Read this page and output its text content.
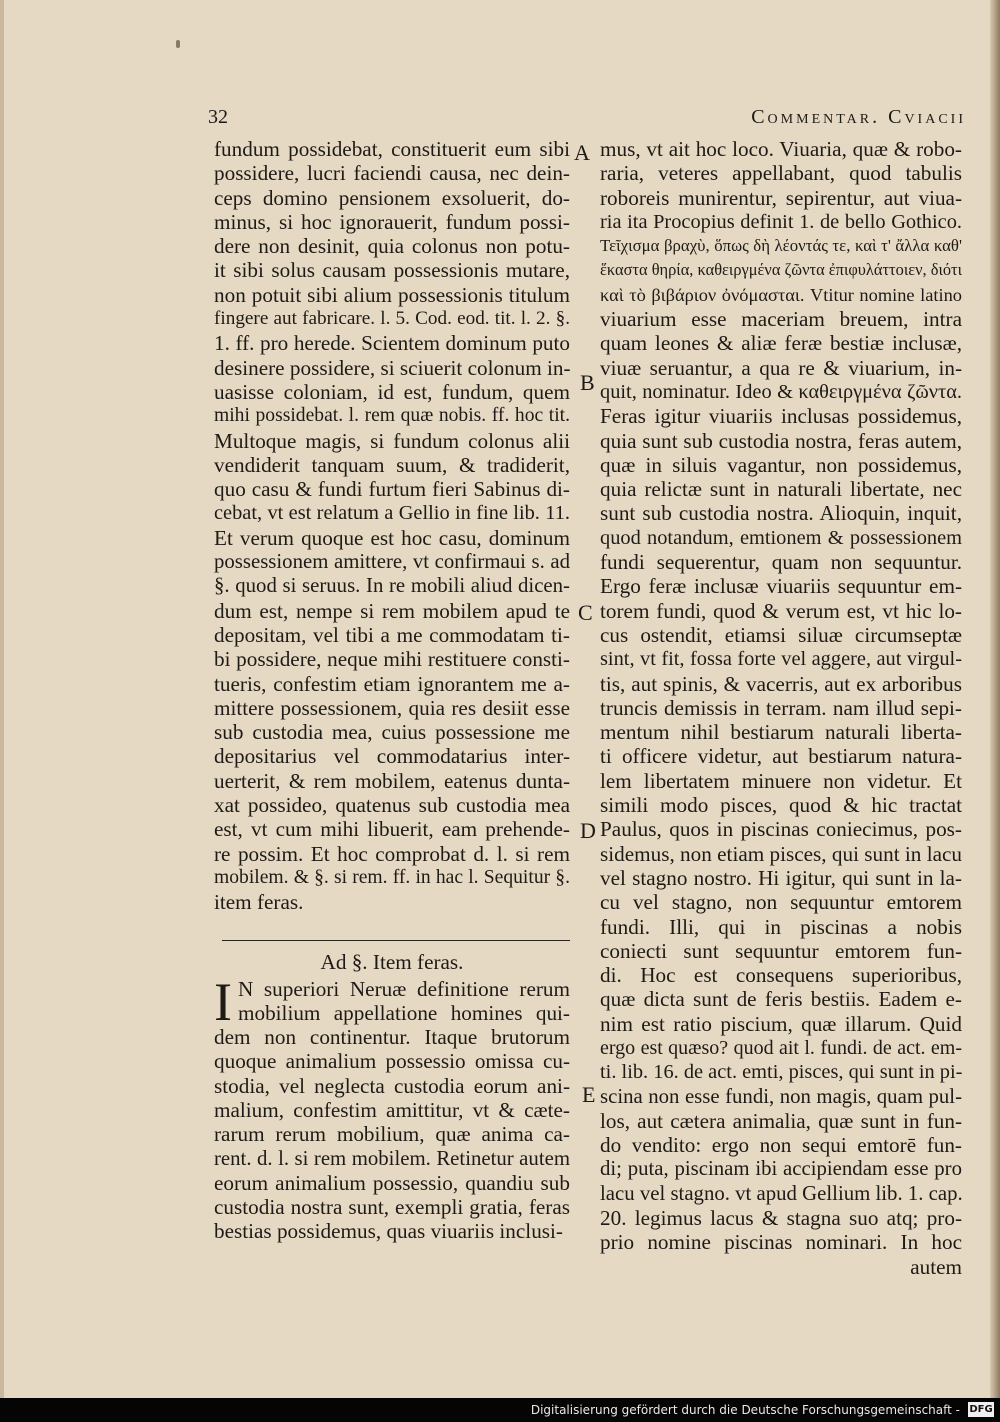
32	Commentar. Cviacii
fundum possidebat, constituerit eum sibi
possidere, lucri faciendi causa, nec dein-
ceps domino pensionem exsoluerit, do-
minus, si hoc ignorauerit, fundum possi-
dere non desinit, quia colonus non potu-
it sibi solus causam possessionis mutare,
non potuit sibi alium possessionis titulum
fingere aut fabricare. l. 5. Cod. eod. tit. l. 2. §.
1. ff. pro herede. Scientem dominum puto
desinere possidere, si sciuerit colonum in-
uasisse coloniam, id est, fundum, quem
mihi possidebat. l. rem quæ nobis. ff. hoc tit.
Multoque magis, si fundum colonus alii
vendiderit tanquam suum, & tradiderit,
quo casu & fundi furtum fieri Sabinus di-
cebat, vt est relatum a Gellio in fine lib. 11.
Et verum quoque est hoc casu, dominum
possessionem amittere, vt confirmaui s. ad
§. quod si seruus. In re mobili aliud dicen-
dum est, nempe si rem mobilem apud te
depositam, vel tibi a me commodatam ti-
bi possidere, neque mihi restituere consti-
tueris, confestim etiam ignorantem me a-
mittere possessionem, quia res desiit esse
sub custodia mea, cuius possessione me
depositarius vel commodatarius inter-
uerterit, & rem mobilem, eatenus dunta-
xat possideo, quatenus sub custodia mea
est, vt cum mihi libuerit, eam prehende-
re possim. Et hoc comprobat d. l. si rem
mobilem. & §. si rem. ff. in hac l. Sequitur §.
item feras.
Ad §. Item feras.
I N superiori Neruæ definitione rerum
mobilium appellatione homines qui-
dem non continentur. Itaque brutorum
quoque animalium possessio omissa cu-
stodia, vel neglecta custodia eorum ani-
malium, confestim amittitur, vt & cæte-
rarum rerum mobilium, quæ anima ca-
rent. d. l. si rem mobilem. Retinetur autem
eorum animalium possessio, quandiu sub
custodia nostra sunt, exempli gratia, feras
bestias possidemus, quas viuariis inclusi-
mus, vt ait hoc loco. Viuaria, quæ & robo-
raria, veteres appellabant, quod tabulis
roboreis munirentur, sepirentur, aut viua-
ria ita Procopius definit 1. de bello Gothico.
Τεῖχισμα βραχὺ, ὅπως δὴ λέοντάς τε, καὶ τ' ἄλλα καθ'
ἕκαστα θηρία, καθειργμένα ζῶντα ἐπιφυλάττοιεν, διότι
καὶ τὸ βιβάριον ὀνόμασται. Vtitur nomine latino
viuarium esse maceriam breuem, intra
quam leones & aliæ feræ bestiæ inclusæ,
viuæ seruantur, a qua re & viuarium, in-
quit, nominatur. Ideo & καθειργμένα ζῶντα.
Feras igitur viuariis inclusas possidemus,
quia sunt sub custodia nostra, feras autem,
quæ in siluis vagantur, non possidemus,
quia relictæ sunt in naturali libertate, nec
sunt sub custodia nostra. Alioquin, inquit,
quod notandum, emtionem & possessionem
fundi sequerentur, quam non sequuntur.
Ergo feræ inclusæ viuariis sequuntur em-
torem fundi, quod & verum est, vt hic lo-
cus ostendit, etiamsi siluæ circumseptæ
sint, vt fit, fossa forte vel aggere, aut virgul-
tis, aut spinis, & vacerris, aut ex arboribus
truncis demissis in terram. nam illud sepi-
mentum nihil bestiarum naturali liberta-
ti officere videtur, aut bestiarum natura-
lem libertatem minuere non videtur. Et
simili modo pisces, quod & hic tractat
Paulus, quos in piscinas coniecimus, pos-
sidemus, non etiam pisces, qui sunt in lacu
vel stagno nostro. Hi igitur, qui sunt in la-
cu vel stagno, non sequuntur emtorem
fundi. Illi, qui in piscinas a nobis
coniecti sunt sequuntur emtorem fun-
di. Hoc est consequens superioribus,
quæ dicta sunt de feris bestiis. Eadem e-
nim est ratio piscium, quæ illarum. Quid
ergo est quæso? quod ait l. fundi. de act. em-
ti. lib. 16. de act. emti, pisces, qui sunt in pi-
scina non esse fundi, non magis, quam pul-
los, aut cætera animalia, quæ sunt in fun-
do vendito: ergo non sequi emtorē fun-
di; puta, piscinam ibi accipiendam esse pro
lacu vel stagno. vt apud Gellium lib. 1. cap.
20. legimus lacus & stagna suo atq; pro-
prio nomine piscinas nominari. In hoc
autem
A
B
C
D
E
Digitalisierung gefördert durch die Deutsche Forschungsgemeinschaft - DFG
